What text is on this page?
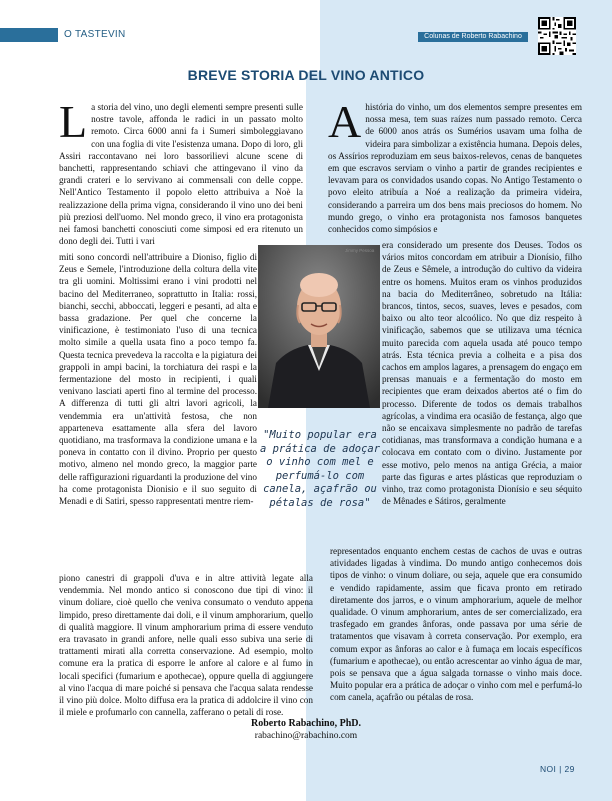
O TASTEVIN	Colunas de Roberto Rabachino
BREVE STORIA DEL VINO ANTICO
La storia del vino, uno degli elementi sempre presenti sulle nostre tavole, affonda le radici in un passato molto remoto. Circa 6000 anni fa i Sumeri simboleggiavano con una foglia di vite l'esistenza umana. Dopo di loro, gli Assiri raccontavano nei loro bassorilievi alcune scene di banchetti, rappresentando schiavi che attingevano il vino da grandi crateri e lo servivano ai commensali con delle coppe. Nell'Antico Testamento il popolo eletto attribuiva a Noè la realizzazione della prima vigna, considerando il vino uno dei beni più preziosi dell'uomo. Nel mondo greco, il vino era protagonista nei famosi banchetti conosciuti come simposi ed era ritenuto un dono degli dei. Tutti i vari
miti sono concordi nell'attribuire a Dioniso, figlio di Zeus e Semele, l'introduzione della coltura della vite tra gli uomini. Moltissimi erano i vini prodotti nel bacino del Mediterraneo, soprattutto in Italia: rossi, bianchi, secchi, abboccati, leggeri e pesanti, ad alta e bassa gradazione. Per quel che concerne la vinificazione, è testimoniato l'uso di una tecnica molto simile a quella usata fino a poco tempo fa. Questa tecnica prevedeva la raccolta e la pigiatura dei grappoli in ampi bacini, la torchiatura dei raspi e la fermentazione del mosto in recipienti, i quali venivano lasciati aperti fino al termine del processo. A differenza di tutti gli altri lavori agricoli, la vendemmia era un'attività festosa, che non apparteneva esattamente alla sfera del lavoro quotidiano, ma trasformava la condizione umana e la poneva in contatto con il divino. Proprio per questo motivo, almeno nel mondo greco, la maggior parte delle raffigurazioni riguardanti la produzione del vino ha come protagonista Dionisio e il suo seguito di Menadi e di Satiri, spesso rappresentati mentre riem-
piono canestri di grappoli d'uva e in altre attività legate alla vendemmia. Nel mondo antico si conoscono due tipi di vino: il vinum doliare, cioè quello che veniva consumato o venduto appena limpido, preso direttamente dai doli, e il vinum amphorarium, quello di qualità maggiore. Il vinum amphorarium prima di essere venduto era travasato in grandi anfore, nelle quali esso subiva una serie di trattamenti mirati alla corretta conservazione. Ad esempio, molto comune era la pratica di esporre le anfore al calore e al fumo in locali specifici (fumarium e apothecae), oppure quella di aggiungere al vino l'acqua di mare poiché si pensava che l'acqua salata rendesse il vino più dolce. Molto diffusa era la pratica di addolcire il vino con il miele e profumarlo con cannella, zafferano o petali di rose.
Ahistória do vinho, um dos elementos sempre presentes em nossa mesa, tem suas raízes num passado remoto. Cerca de 6000 anos atrás os Sumérios usavam uma folha de videira para simbolizar a existência humana. Depois deles, os Assírios reproduziam em seus baixos-relevos, cenas de banquetes em que escravos serviam o vinho a partir de grandes recipientes e levavam para os convidados usando copas. No Antigo Testamento o povo eleito atribuía a Noé a realização da primeira videira, considerando a parreira um dos bens mais preciosos do homem. No mundo grego, o vinho era protagonista nos famosos banquetes conhecidos como simpósios e
era considerado um presente dos Deuses. Todos os vários mitos concordam em atribuir a Dionísio, filho de Zeus e Sêmele, a introdução do cultivo da videira entre os homens. Muitos eram os vinhos produzidos na bacia do Mediterrâneo, sobretudo na Itália: brancos, tintos, secos, suaves, leves e pesados, com baixo ou alto teor alcoólico. No que diz respeito à vinificação, sabemos que se utilizava uma técnica muito parecida com aquela usada até pouco tempo atrás. Esta técnica previa a colheita e a pisa dos cachos em amplos lagares, a prensagem do engaço em prensas manuais e a fermentação do mosto em recipientes que eram deixados abertos até o fim do processo. Diferente de todos os demais trabalhos agrícolas, a vindima era ocasião de festança, algo que não se encaixava simplesmente no padrão de tarefas cotidianas, mas transformava a condição humana e a colocava em contato com o divino. Justamente por esse motivo, pelo menos na antiga Grécia, a maior parte das figuras e artes plásticas que reproduziam o vinho, traz como protagonista Dionísio e seu séquito de Mênades e Sátiros, geralmente
representados enquanto enchem cestas de cachos de uvas e outras atividades ligadas à vindima. Do mundo antigo conhecemos dois tipos de vinho: o vinum doliare, ou seja, aquele que era consumido e vendido rapidamente, assim que ficava pronto em retirado diretamente dos jarros, e o vinum amphorarium, aquele de melhor qualidade. O vinum amphorarium, antes de ser comercializado, era trasfegado em grandes ânforas, onde passava por uma série de tratamentos que visavam à correta conservação. Por exemplo, era comum expor as ânforas ao calor e à fumaça em locais específicos (fumarium e apothecae), ou então acrescentar ao vinho água de mar, pois se pensava que a água salgada tornasse o vinho mais doce. Muito popular era a prática de adoçar o vinho com mel e perfumá-lo com canela, açafrão ou pétalas de rosa.
Jimmy Pessoa
"Muito popular era a prática de adoçar o vinho com mel e perfumá-lo com canela, açafrão ou pétalas de rosa"
Roberto Rabachino, PhD.
rabachino@rabachino.com
NOI | 29
